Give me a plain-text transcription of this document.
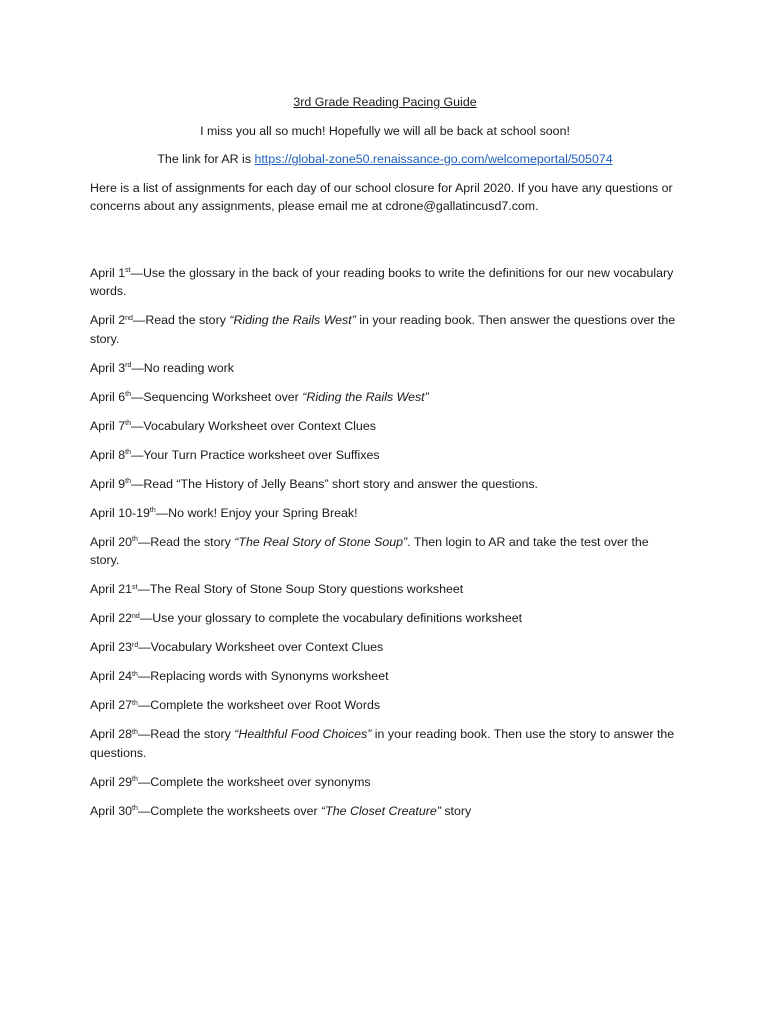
3rd Grade Reading Pacing Guide
I miss you all so much! Hopefully we will all be back at school soon!
The link for AR is https://global-zone50.renaissance-go.com/welcomeportal/505074
Here is a list of assignments for each day of our school closure for April 2020. If you have any questions or concerns about any assignments, please email me at cdrone@gallatincusd7.com.
April 1st—Use the glossary in the back of your reading books to write the definitions for our new vocabulary words.
April 2nd—Read the story “Riding the Rails West” in your reading book. Then answer the questions over the story.
April 3rd—No reading work
April 6th—Sequencing Worksheet over “Riding the Rails West”
April 7th—Vocabulary Worksheet over Context Clues
April 8th—Your Turn Practice worksheet over Suffixes
April 9th—Read “The History of Jelly Beans” short story and answer the questions.
April 10-19th—No work! Enjoy your Spring Break!
April 20th—Read the story “The Real Story of Stone Soup”. Then login to AR and take the test over the story.
April 21st—The Real Story of Stone Soup Story questions worksheet
April 22nd—Use your glossary to complete the vocabulary definitions worksheet
April 23rd—Vocabulary Worksheet over Context Clues
April 24th—Replacing words with Synonyms worksheet
April 27th—Complete the worksheet over Root Words
April 28th—Read the story “Healthful Food Choices” in your reading book. Then use the story to answer the questions.
April 29th—Complete the worksheet over synonyms
April 30th—Complete the worksheets over “The Closet Creature” story
